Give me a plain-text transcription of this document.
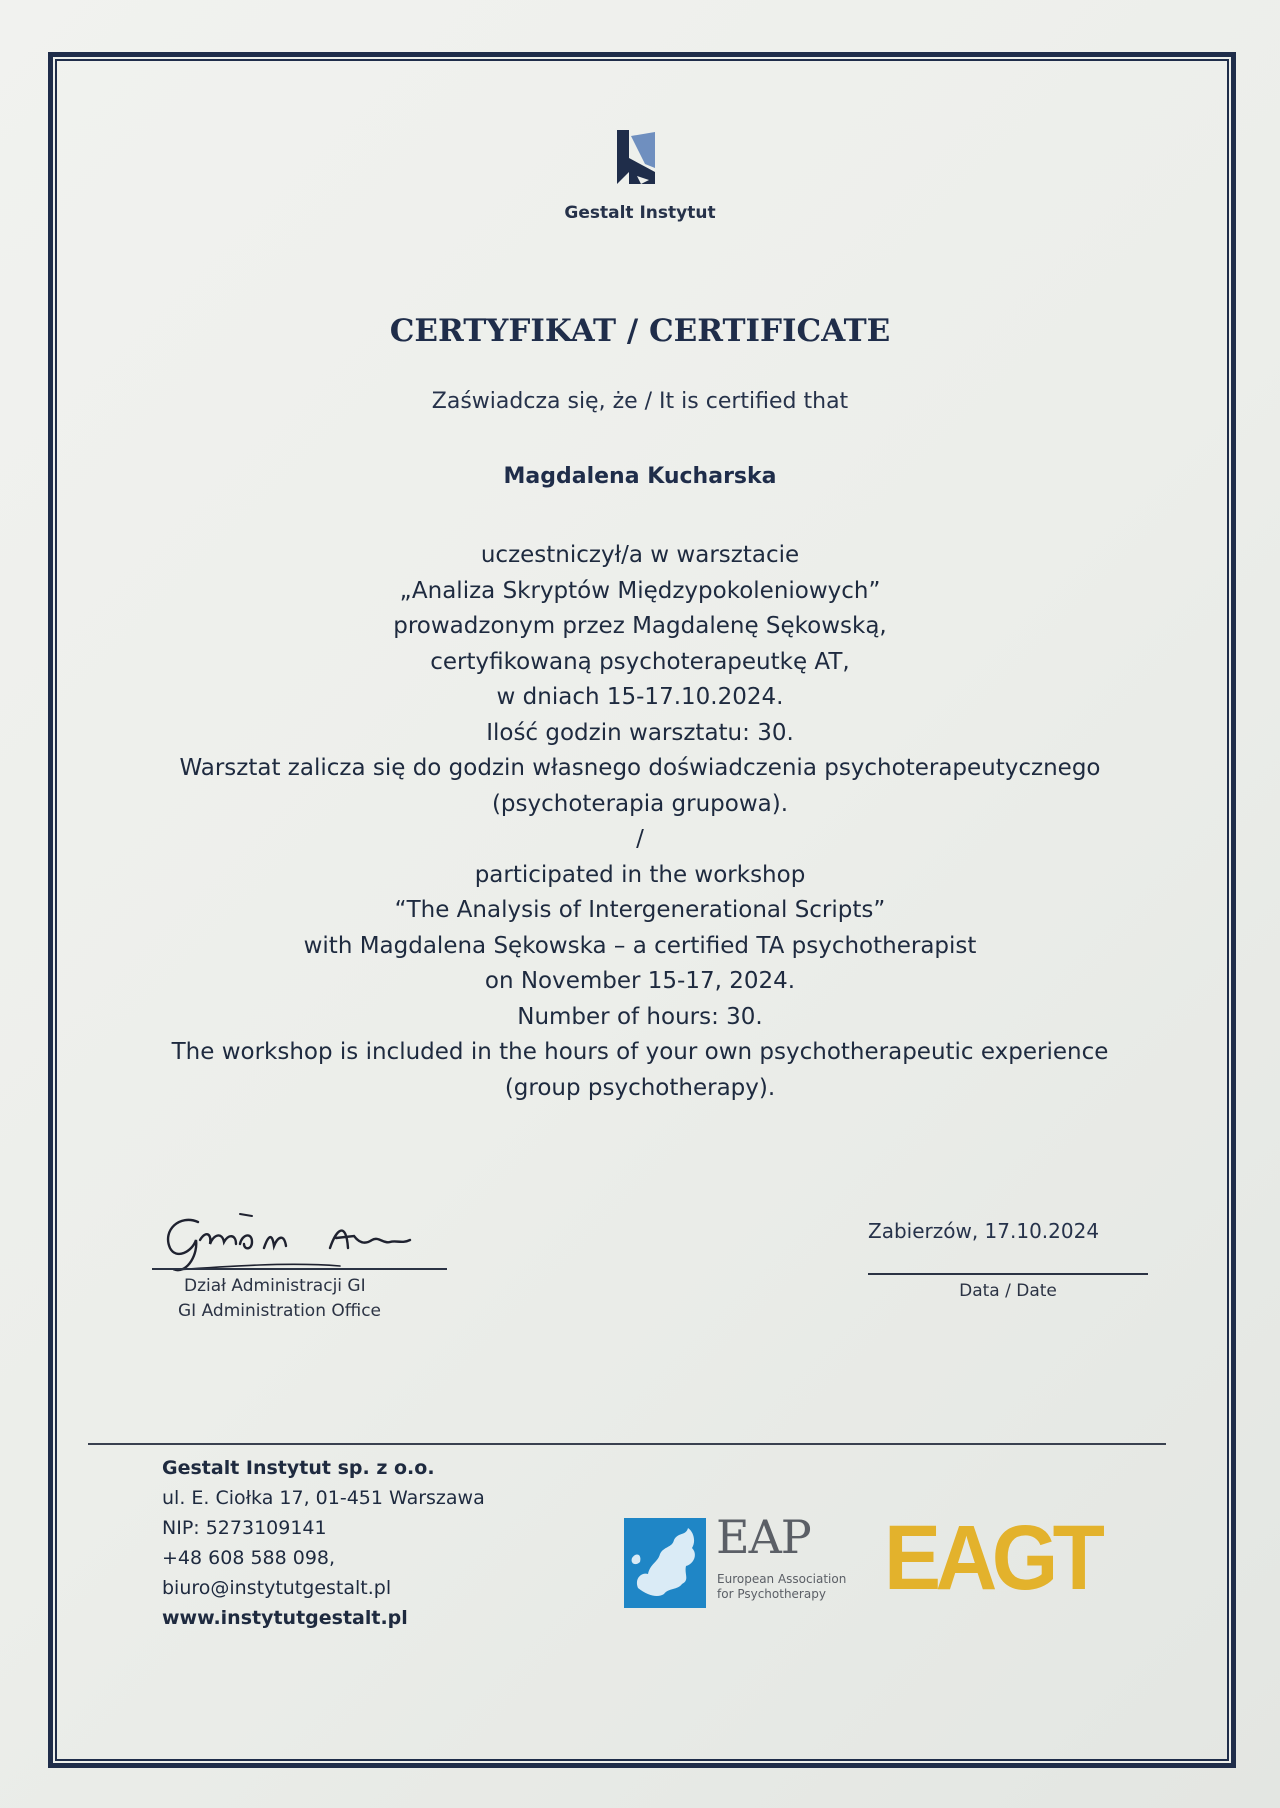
Gestalt Instytut
CERTYFIKAT / CERTIFICATE
Zaświadcza się, że / It is certified that
Magdalena Kucharska
uczestniczył/a w warsztacie
„Analiza Skryptów Międzypokoleniowych”
prowadzonym przez Magdalenę Sękowską,
certyfikowaną psychoterapeutkę AT,
w dniach 15-17.10.2024.
Ilość godzin warsztatu: 30.
Warsztat zalicza się do godzin własnego doświadczenia psychoterapeutycznego
(psychoterapia grupowa).
/
participated in the workshop
“The Analysis of Intergenerational Scripts”
with Magdalena Sękowska – a certified TA psychotherapist
on November 15-17, 2024.
Number of hours: 30.
The workshop is included in the hours of your own psychotherapeutic experience
(group psychotherapy).
Dział Administracji GI
GI Administration Office
Zabierzów, 17.10.2024
Data / Date
Gestalt Instytut sp. z o.o.
ul. E. Ciołka 17, 01-451 Warszawa
NIP: 5273109141
+48 608 588 098,
biuro@instytutgestalt.pl
www.instytutgestalt.pl
EAP
European Association
for Psychotherapy EAGT
